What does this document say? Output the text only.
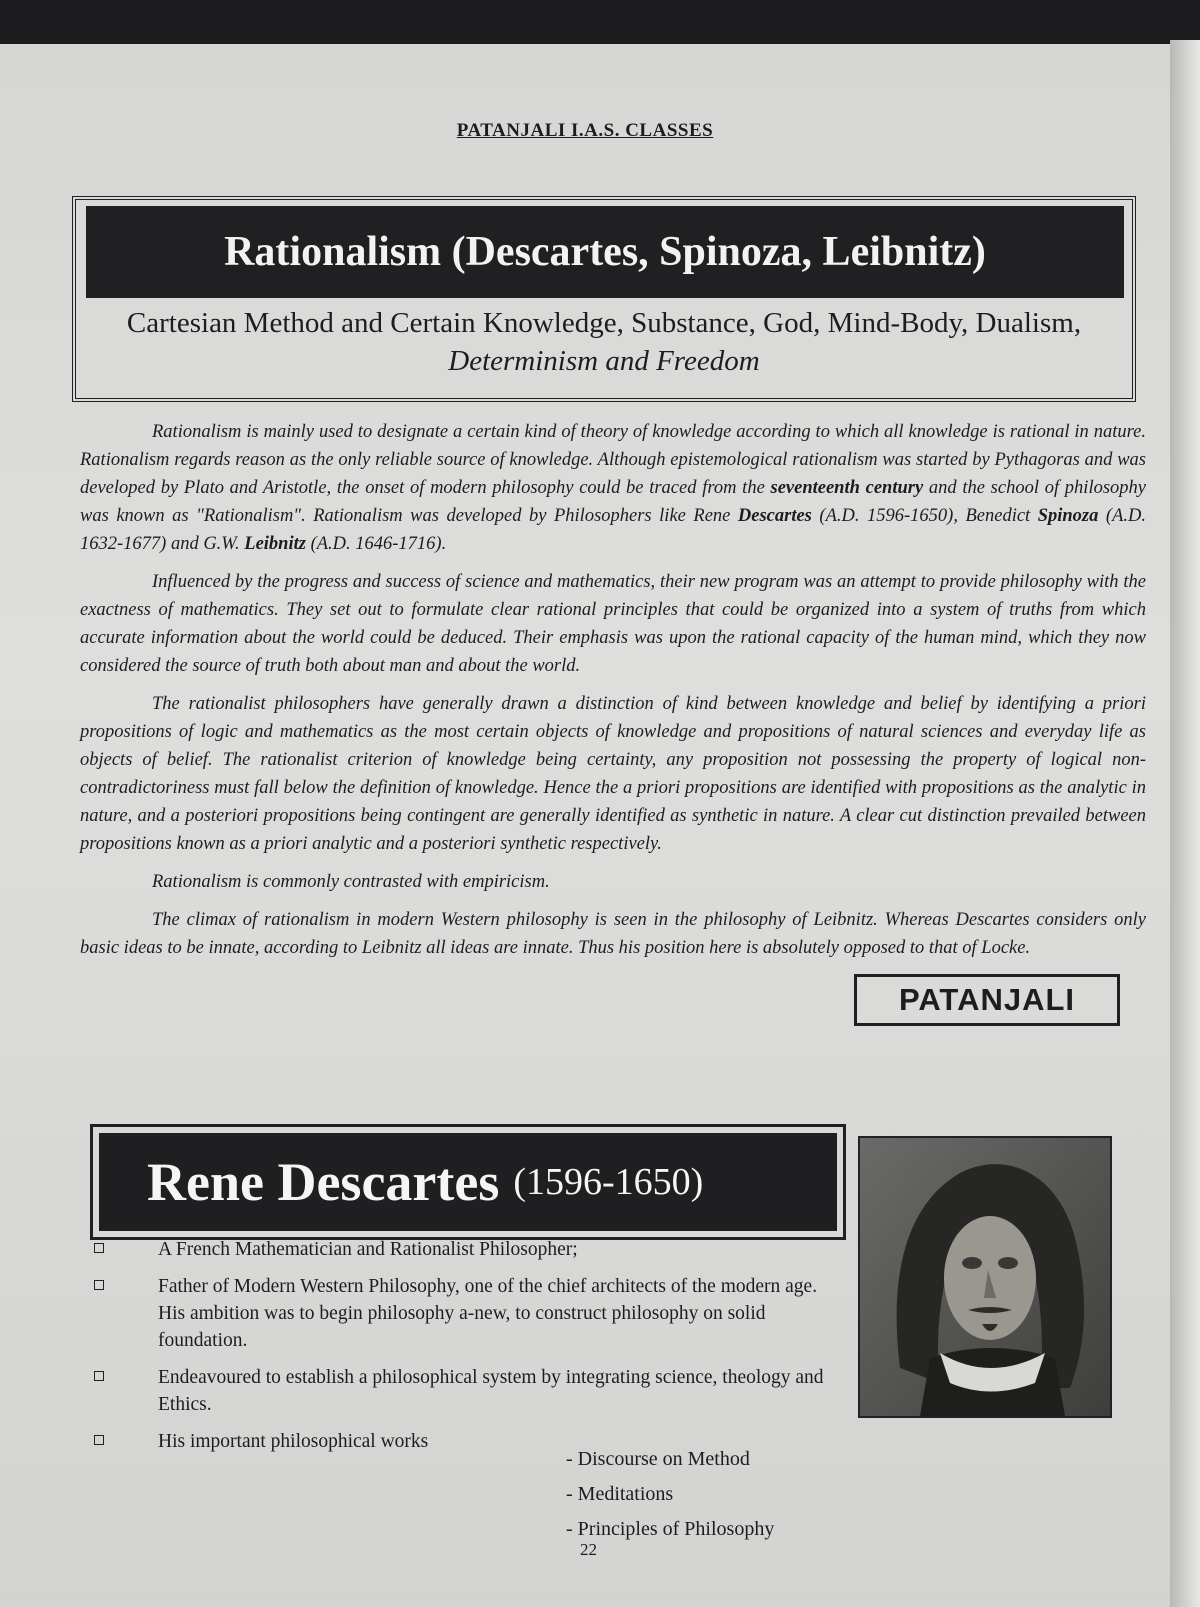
PATANJALI I.A.S. CLASSES
Rationalism (Descartes, Spinoza, Leibnitz)
Cartesian Method and Certain Knowledge, Substance, God, Mind-Body, Dualism, Determinism and Freedom

Rationalism is mainly used to designate a certain kind of theory of knowledge according to which all knowledge is rational in nature. Rationalism regards reason as the only reliable source of knowledge. Although epistemological rationalism was started by Pythagoras and was developed by Plato and Aristotle, the onset of modern philosophy could be traced from the seventeenth century and the school of philosophy was known as "Rationalism". Rationalism was developed by Philosophers like Rene Descartes (A.D. 1596-1650), Benedict Spinoza (A.D. 1632-1677) and G.W. Leibnitz (A.D. 1646-1716).

Influenced by the progress and success of science and mathematics, their new program was an attempt to provide philosophy with the exactness of mathematics. They set out to formulate clear rational principles that could be organized into a system of truths from which accurate information about the world could be deduced. Their emphasis was upon the rational capacity of the human mind, which they now considered the source of truth both about man and about the world.

The rationalist philosophers have generally drawn a distinction of kind between knowledge and belief by identifying a priori propositions of logic and mathematics as the most certain objects of knowledge and propositions of natural sciences and everyday life as objects of belief. The rationalist criterion of knowledge being certainty, any proposition not possessing the property of logical non-contradictoriness must fall below the definition of knowledge. Hence the a priori propositions are identified with propositions as the analytic in nature, and a posteriori propositions being contingent are generally identified as synthetic in nature. A clear cut distinction prevailed between propositions known as a priori analytic and a posteriori synthetic respectively.

Rationalism is commonly contrasted with empiricism.

The climax of rationalism in modern Western philosophy is seen in the philosophy of Leibnitz. Whereas Descartes considers only basic ideas to be innate, according to Leibnitz all ideas are innate. Thus his position here is absolutely opposed to that of Locke.

PATANJALI
Rene Descartes (1596-1650)
A French Mathematician and Rationalist Philosopher;
Father of Modern Western Philosophy, one of the chief architects of the modern age. His ambition was to begin philosophy a-new, to construct philosophy on solid foundation.
Endeavoured to establish a philosophical system by integrating science, theology and Ethics.
His important philosophical works
- Discourse on Method
- Meditations
- Principles of Philosophy
22
